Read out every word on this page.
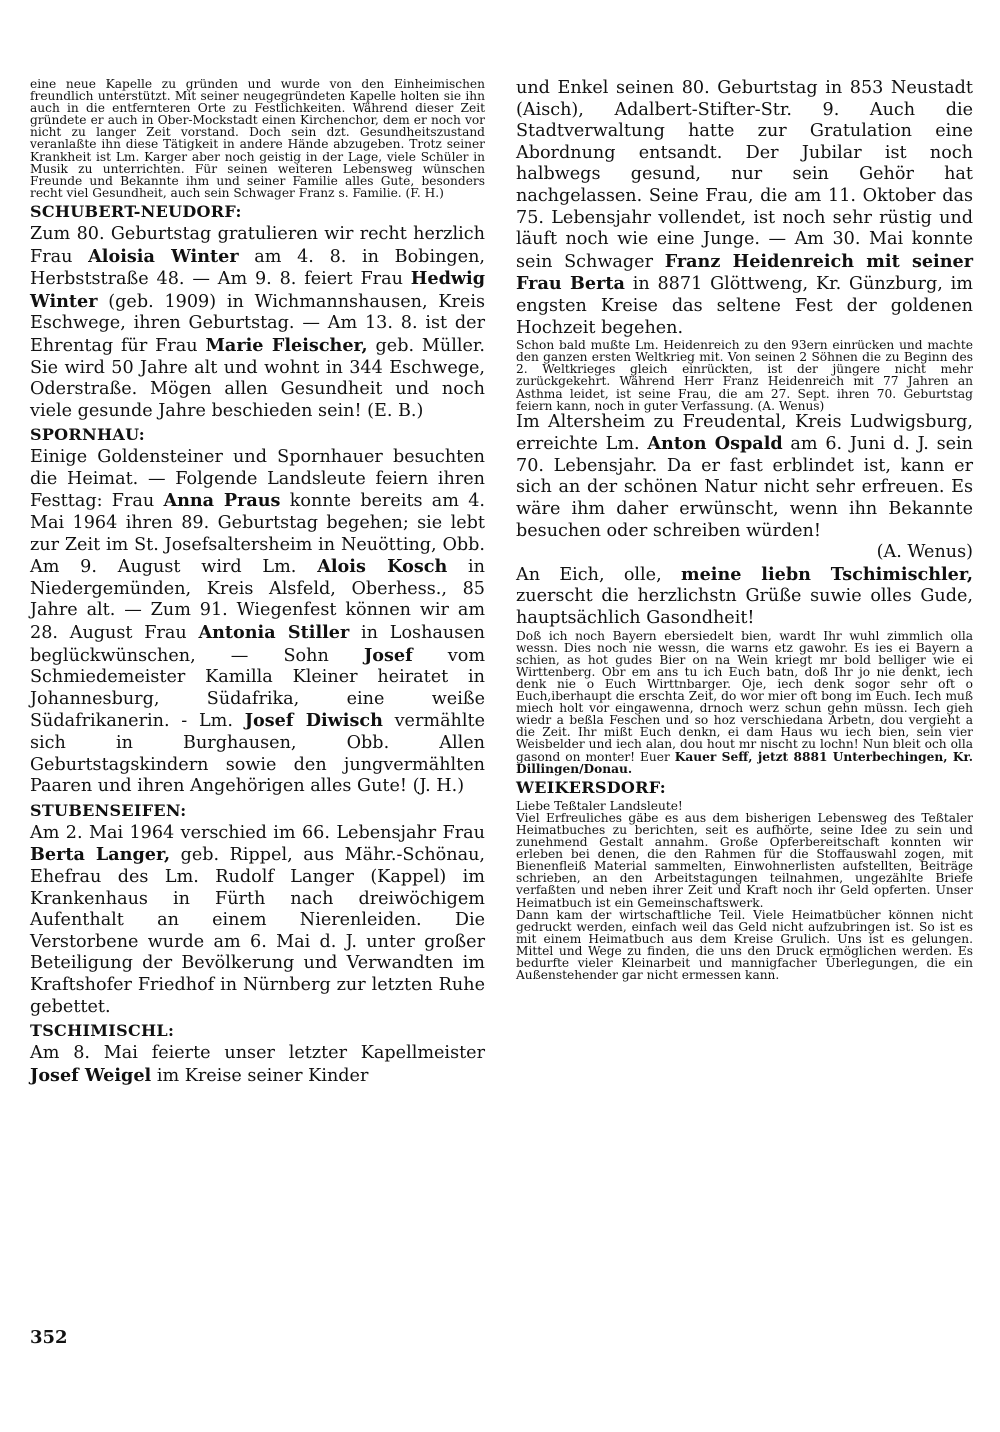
eine neue Kapelle zu gründen und wurde von den Einheimischen freundlich unterstützt. Mit seiner neugegründeten Kapelle holten sie ihn auch in die entfernteren Orte zu Festlichkeiten. Während dieser Zeit gründete er auch in Ober-Mockstadt einen Kirchenchor, dem er noch vor nicht zu langer Zeit vorstand. Doch sein dzt. Gesundheitszustand veranlaßte ihn diese Tätigkeit in andere Hände abzugeben. Trotz seiner Krankheit ist Lm. Karger aber noch geistig in der Lage, viele Schüler in Musik zu unterrichten. Für seinen weiteren Lebensweg wünschen Freunde und Bekannte ihm und seiner Familie alles Gute, besonders recht viel Gesundheit, auch sein Schwager Franz s. Familie. (F. H.)

SCHUBERT-NEUDORF:

Zum 80. Geburtstag gratulieren wir recht herzlich Frau Aloisia Winter am 4. 8. in Bobingen, Herbststraße 48. — Am 9. 8. feiert Frau Hedwig Winter (geb. 1909) in Wichmannshausen, Kreis Eschwege, ihren Geburtstag. — Am 13. 8. ist der Ehrentag für Frau Marie Fleischer, geb. Müller. Sie wird 50 Jahre alt und wohnt in 344 Eschwege, Oderstraße. Mögen allen Gesundheit und noch viele gesunde Jahre beschieden sein! (E. B.)

SPORNHAU:

Einige Goldensteiner und Spornhauer besuchten die Heimat. — Folgende Landsleute feiern ihren Festtag: Frau Anna Praus konnte bereits am 4. Mai 1964 ihren 89. Geburtstag begehen; sie lebt zur Zeit im St. Josefsaltersheim in Neuötting, Obb. Am 9. August wird Lm. Alois Kosch in Niedergemünden, Kreis Alsfeld, Oberhess., 85 Jahre alt. — Zum 91. Wiegenfest können wir am 28. August Frau Antonia Stiller in Loshausen beglückwünschen, — Sohn Josef vom Schmiedemeister Kamilla Kleiner heiratet in Johannesburg, Südafrika, eine weiße Südafrikanerin. - Lm. Josef Diwisch vermählte sich in Burghausen, Obb. Allen Geburtstagskindern sowie den jungvermählten Paaren und ihren Angehörigen alles Gute! (J. H.)

STUBENSEIFEN:

Am 2. Mai 1964 verschied im 66. Lebensjahr Frau Berta Langer, geb. Rippel, aus Mähr.-Schönau, Ehefrau des Lm. Rudolf Langer (Kappel) im Krankenhaus in Fürth nach dreiwöchigem Aufenthalt an einem Nierenleiden. Die Verstorbene wurde am 6. Mai d. J. unter großer Beteiligung der Bevölkerung und Verwandten im Kraftshofer Friedhof in Nürnberg zur letzten Ruhe gebettet.

TSCHIMISCHL:

Am 8. Mai feierte unser letzter Kapellmeister Josef Weigel im Kreise seiner Kinder

und Enkel seinen 80. Geburtstag in 853 Neustadt (Aisch), Adalbert-Stifter-Str. 9. Auch die Stadtverwaltung hatte zur Gratulation eine Abordnung entsandt. Der Jubilar ist noch halbwegs gesund, nur sein Gehör hat nachgelassen. Seine Frau, die am 11. Oktober das 75. Lebensjahr vollendet, ist noch sehr rüstig und läuft noch wie eine Junge. — Am 30. Mai konnte sein Schwager Franz Heidenreich mit seiner Frau Berta in 8871 Glöttweng, Kr. Günzburg, im engsten Kreise das seltene Fest der goldenen Hochzeit begehen.

Schon bald mußte Lm. Heidenreich zu den 93ern einrücken und machte den ganzen ersten Weltkrieg mit. Von seinen 2 Söhnen die zu Beginn des 2. Weltkrieges gleich einrückten, ist der jüngere nicht mehr zurückgekehrt. Während Herr Franz Heidenreich mit 77 Jahren an Asthma leidet, ist seine Frau, die am 27. Sept. ihren 70. Geburtstag feiern kann, noch in guter Verfassung. (A. Wenus)

Im Altersheim zu Freudental, Kreis Ludwigsburg, erreichte Lm. Anton Ospald am 6. Juni d. J. sein 70. Lebensjahr. Da er fast erblindet ist, kann er sich an der schönen Natur nicht sehr erfreuen. Es wäre ihm daher erwünscht, wenn ihn Bekannte besuchen oder schreiben würden!

(A. Wenus)

An Eich, olle, meine liebn Tschimischler, zuerscht die herzlichstn Grüße suwie olles Gude, hauptsächlich Gasondheit!

Doß ich noch Bayern ebersiedelt bien, wardt Ihr wuhl zimmlich olla wessn. Dies noch nie wessn, die warns etz gawohr. Es ies ei Bayern a schien, as hot gudes Bier on na Wein kriegt mr bold belliger wie ei Wirttenberg. Obr em ans tu ich Euch batn, doß Ihr jo nie denkt, iech denk nie o Euch Wirttnbarger. Oje, iech denk sogor sehr oft o Euch,iberhaupt die erschta Zeit, do wor mier oft bong im Euch. Iech muß miech holt vor eingawenna, drnoch werz schun gehn müssn. Iech gieh wiedr a beßla Feschen und so hoz verschiedana Arbetn, dou vergieht a die Zeit. Ihr mißt Euch denkn, ei dam Haus wu iech bien, sein vier Weisbelder und iech alan, dou hout mr nischt zu lochn! Nun bleit och olla gasond on monter! Euer Kauer Seff, jetzt 8881 Unterbechingen, Kr. Dillingen/Donau.

WEIKERSDORF:

Liebe Teßtaler Landsleute!

Viel Erfreuliches gäbe es aus dem bisherigen Lebensweg des Teßtaler Heimatbuches zu berichten, seit es aufhörte, seine Idee zu sein und zunehmend Gestalt annahm. Große Opferbereitschaft konnten wir erleben bei denen, die den Rahmen für die Stoffauswahl zogen, mit Bienenfleiß Material sammelten, Einwohnerlisten aufstellten, Beiträge schrieben, an den Arbeitstagungen teilnahmen, ungezählte Briefe verfaßten und neben ihrer Zeit und Kraft noch ihr Geld opferten. Unser Heimatbuch ist ein Gemeinschaftswerk.

Dann kam der wirtschaftliche Teil. Viele Heimatbücher können nicht gedruckt werden, einfach weil das Geld nicht aufzubringen ist. So ist es mit einem Heimatbuch aus dem Kreise Grulich. Uns ist es gelungen. Mittel und Wege zu finden, die uns den Druck ermöglichen werden. Es bedurfte vieler Kleinarbeit und mannigfacher Überlegungen, die ein Außenstehender gar nicht ermessen kann.

352
